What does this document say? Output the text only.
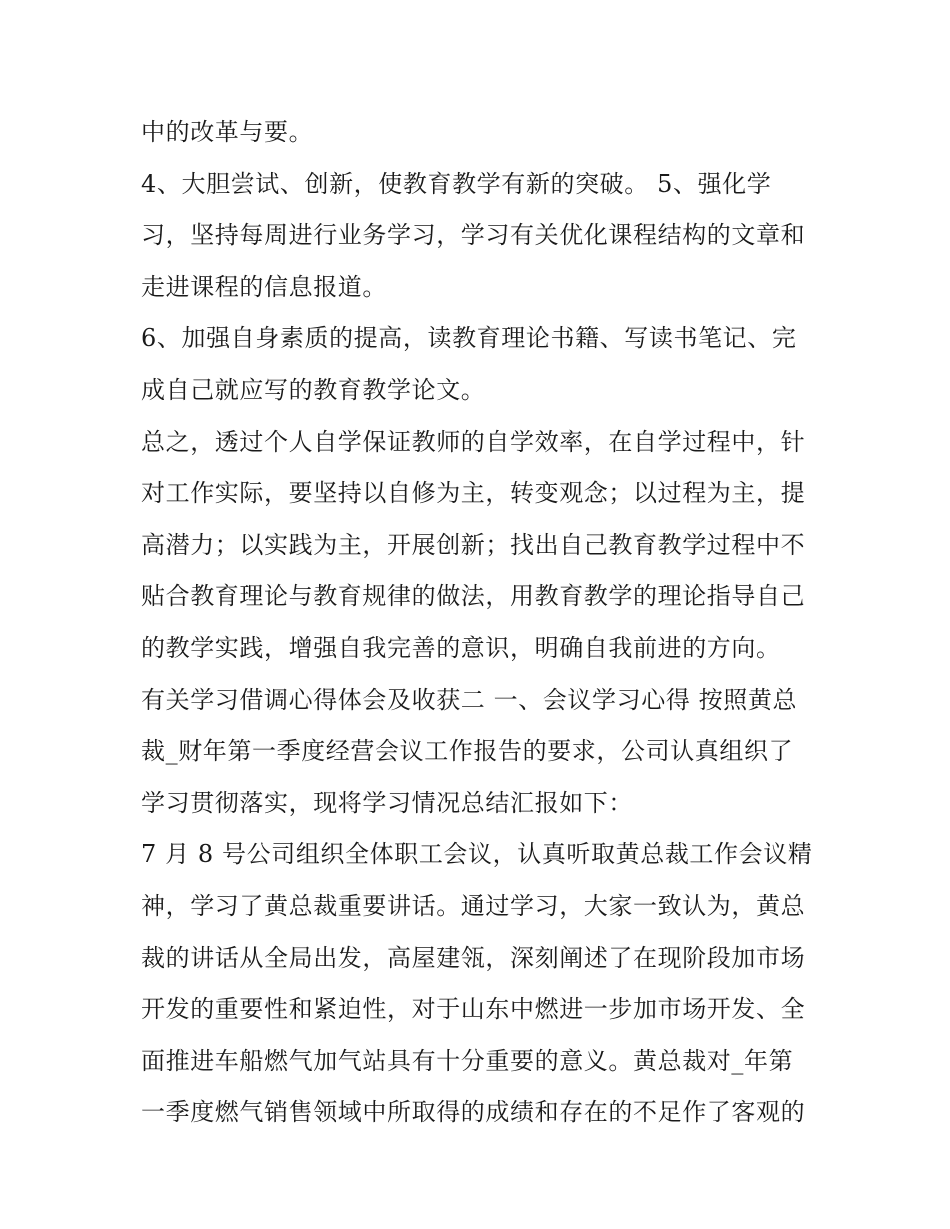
中的改革与要。
4、大胆尝试、创新，使教育教学有新的突破。 5、强化学
习，坚持每周进行业务学习，学习有关优化课程结构的文章和
走进课程的信息报道。
6、加强自身素质的提高，读教育理论书籍、写读书笔记、完
成自己就应写的教育教学论文。
总之，透过个人自学保证教师的自学效率，在自学过程中，针
对工作实际，要坚持以自修为主，转变观念；以过程为主，提
高潜力；以实践为主，开展创新；找出自己教育教学过程中不
贴合教育理论与教育规律的做法，用教育教学的理论指导自己
的教学实践，增强自我完善的意识，明确自我前进的方向。
有关学习借调心得体会及收获二 一、会议学习心得 按照黄总
裁_财年第一季度经营会议工作报告的要求，公司认真组织了
学习贯彻落实，现将学习情况总结汇报如下：
7 月 8 号公司组织全体职工会议，认真听取黄总裁工作会议精
神，学习了黄总裁重要讲话。通过学习，大家一致认为，黄总
裁的讲话从全局出发，高屋建瓴，深刻阐述了在现阶段加市场
开发的重要性和紧迫性，对于山东中燃进一步加市场开发、全
面推进车船燃气加气站具有十分重要的意义。黄总裁对_年第
一季度燃气销售领域中所取得的成绩和存在的不足作了客观的
